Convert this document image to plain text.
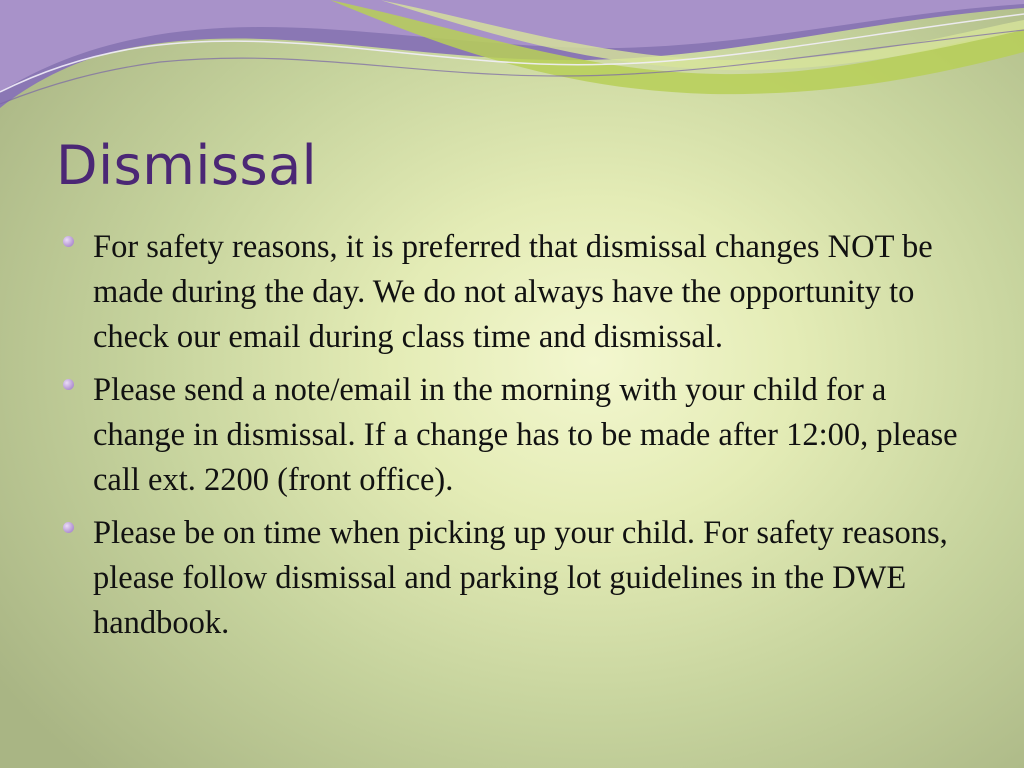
Dismissal
For safety reasons, it is preferred that dismissal changes NOT be made during the day. We do not always have the opportunity to check our email during class time and dismissal.
Please send a note/email in the morning with your child for a change in dismissal. If a change has to be made after 12:00, please call ext. 2200 (front office).
Please be on time when picking up your child. For safety reasons, please follow dismissal and parking lot guidelines in the DWE handbook.
